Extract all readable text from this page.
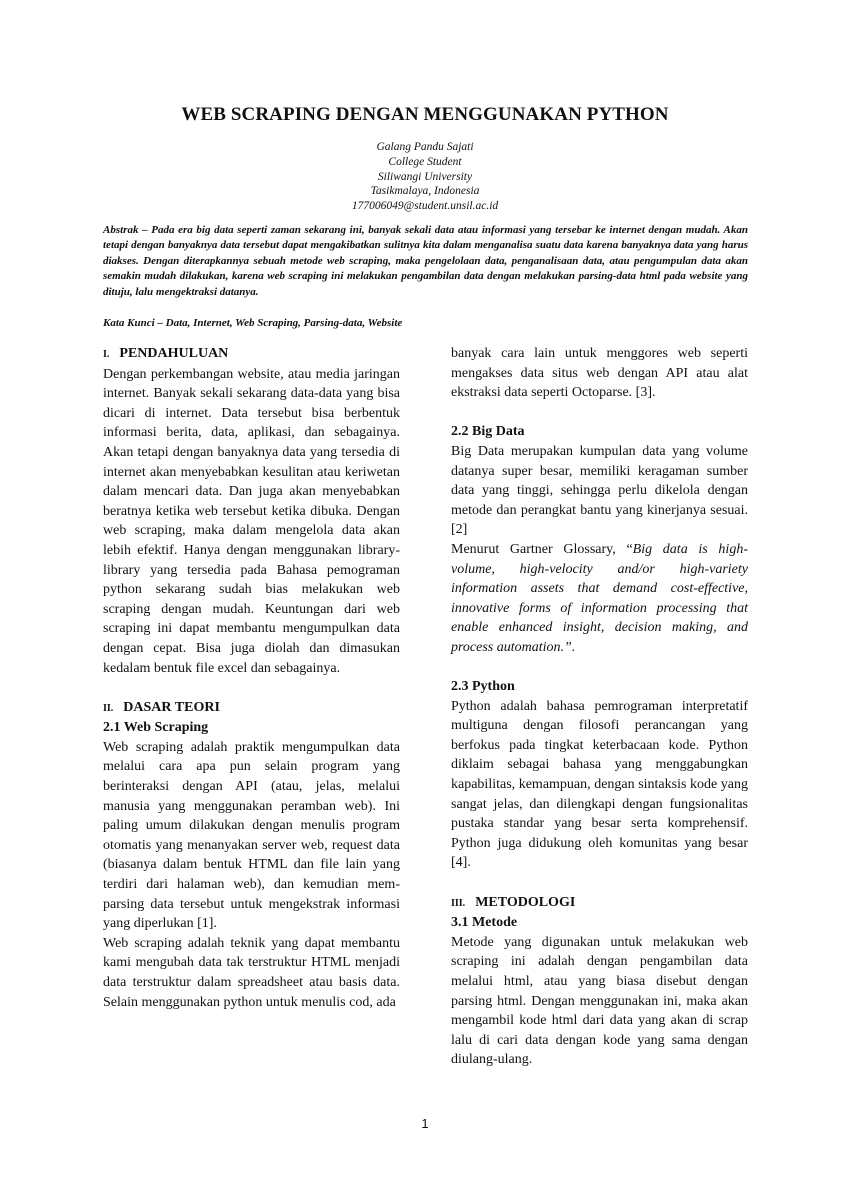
WEB SCRAPING DENGAN MENGGUNAKAN PYTHON
Galang Pandu Sajati
College Student
Siliwangi University
Tasikmalaya, Indonesia
177006049@student.unsil.ac.id

Abstrak – Pada era big data seperti zaman sekarang ini, banyak sekali data atau informasi yang tersebar ke internet dengan mudah. Akan tetapi dengan banyaknya data tersebut dapat mengakibatkan sulitnya kita dalam menganalisa suatu data karena banyaknya data yang harus diakses. Dengan diterapkannya sebuah metode web scraping, maka pengelolaan data, penganalisaan data, atau pengumpulan data akan semakin mudah dilakukan, karena web scraping ini melakukan pengambilan data dengan melakukan parsing-data html pada website yang dituju, lalu mengektraksi datanya.

Kata Kunci – Data, Internet, Web Scraping, Parsing-data, Website

I. PENDAHULUAN

Dengan perkembangan website, atau media jaringan internet. Banyak sekali sekarang data-data yang bisa dicari di internet. Data tersebut bisa berbentuk informasi berita, data, aplikasi, dan sebagainya. Akan tetapi dengan banyaknya data yang tersedia di internet akan menyebabkan kesulitan atau keriwetan dalam mencari data. Dan juga akan menyebabkan beratnya ketika web tersebut ketika dibuka. Dengan web scraping, maka dalam mengelola data akan lebih efektif. Hanya dengan menggunakan library-library yang tersedia pada Bahasa pemograman python sekarang sudah bias melakukan web scraping dengan mudah. Keuntungan dari web scraping ini dapat membantu mengumpulkan data dengan cepat. Bisa juga diolah dan dimasukan kedalam bentuk file excel dan sebagainya.

II. DASAR TEORI
2.1 Web Scraping

Web scraping adalah praktik mengumpulkan data melalui cara apa pun selain program yang berinteraksi dengan API (atau, jelas, melalui manusia yang menggunakan peramban web). Ini paling umum dilakukan dengan menulis program otomatis yang menanyakan server web, request data (biasanya dalam bentuk HTML dan file lain yang terdiri dari halaman web), dan kemudian mem-parsing data tersebut untuk mengekstrak informasi yang diperlukan [1].

Web scraping adalah teknik yang dapat membantu kami mengubah data tak terstruktur HTML menjadi data terstruktur dalam spreadsheet atau basis data. Selain menggunakan python untuk menulis cod, ada

banyak cara lain untuk menggores web seperti mengakses data situs web dengan API atau alat ekstraksi data seperti Octoparse. [3].

2.2 Big Data

Big Data merupakan kumpulan data yang volume datanya super besar, memiliki keragaman sumber data yang tinggi, sehingga perlu dikelola dengan metode dan perangkat bantu yang kinerjanya sesuai. [2]

Menurut Gartner Glossary, “Big data is high-volume, high-velocity and/or high-variety information assets that demand cost-effective, innovative forms of information processing that enable enhanced insight, decision making, and process automation.”.

2.3 Python

Python adalah bahasa pemrograman interpretatif multiguna dengan filosofi perancangan yang berfokus pada tingkat keterbacaan kode. Python diklaim sebagai bahasa yang menggabungkan kapabilitas, kemampuan, dengan sintaksis kode yang sangat jelas, dan dilengkapi dengan fungsionalitas pustaka standar yang besar serta komprehensif. Python juga didukung oleh komunitas yang besar [4].

III. METODOLOGI
3.1 Metode

Metode yang digunakan untuk melakukan web scraping ini adalah dengan pengambilan data melalui html, atau yang biasa disebut dengan parsing html. Dengan menggunakan ini, maka akan mengambil kode html dari data yang akan di scrap lalu di cari data dengan kode yang sama dengan diulang-ulang.

1
